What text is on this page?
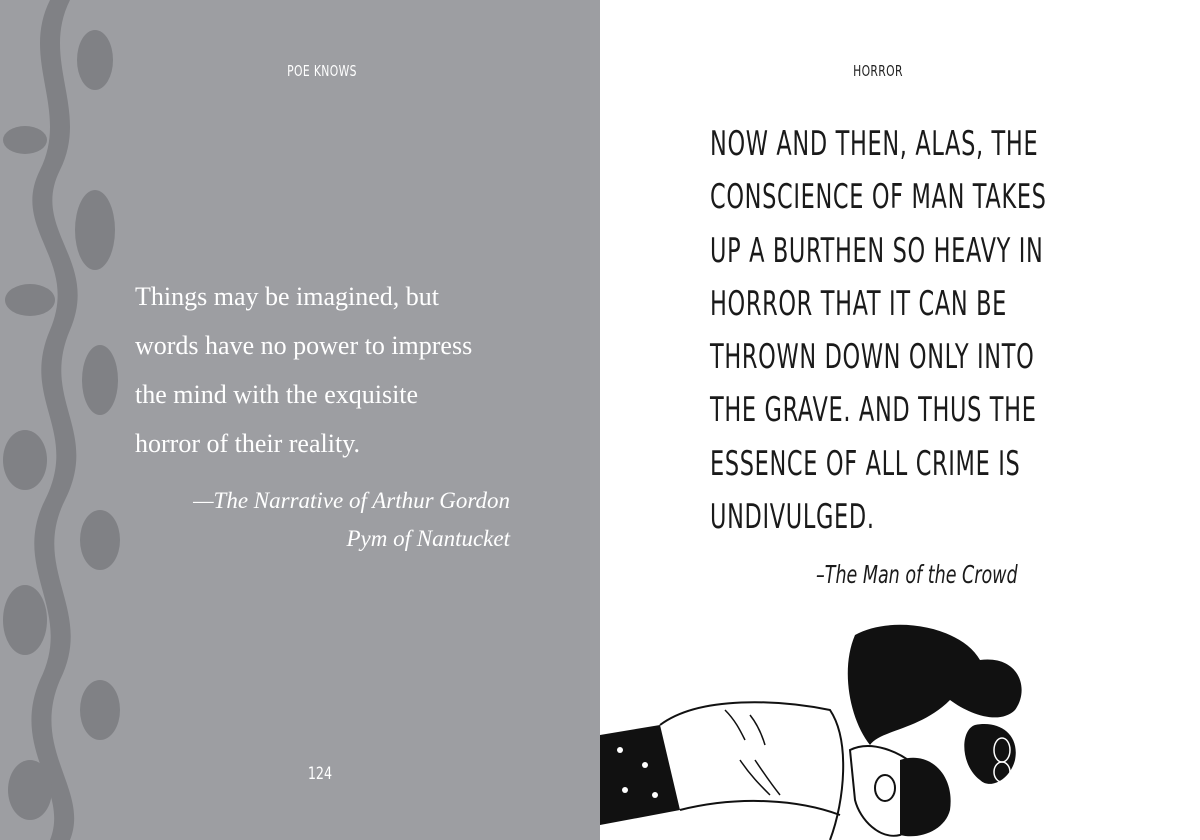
POE KNOWS
Things may be imagined, but
words have no power to impress
the mind with the exquisite
horror of their reality.
—The Narrative of Arthur Gordon
Pym of Nantucket
124
HORROR
NOW AND THEN, ALAS, THE
CONSCIENCE OF MAN TAKES
UP A BURTHEN SO HEAVY IN
HORROR THAT IT CAN BE
THROWN DOWN ONLY INTO
THE GRAVE. AND THUS THE
ESSENCE OF ALL CRIME IS
UNDIVULGED.
–The Man of the Crowd
